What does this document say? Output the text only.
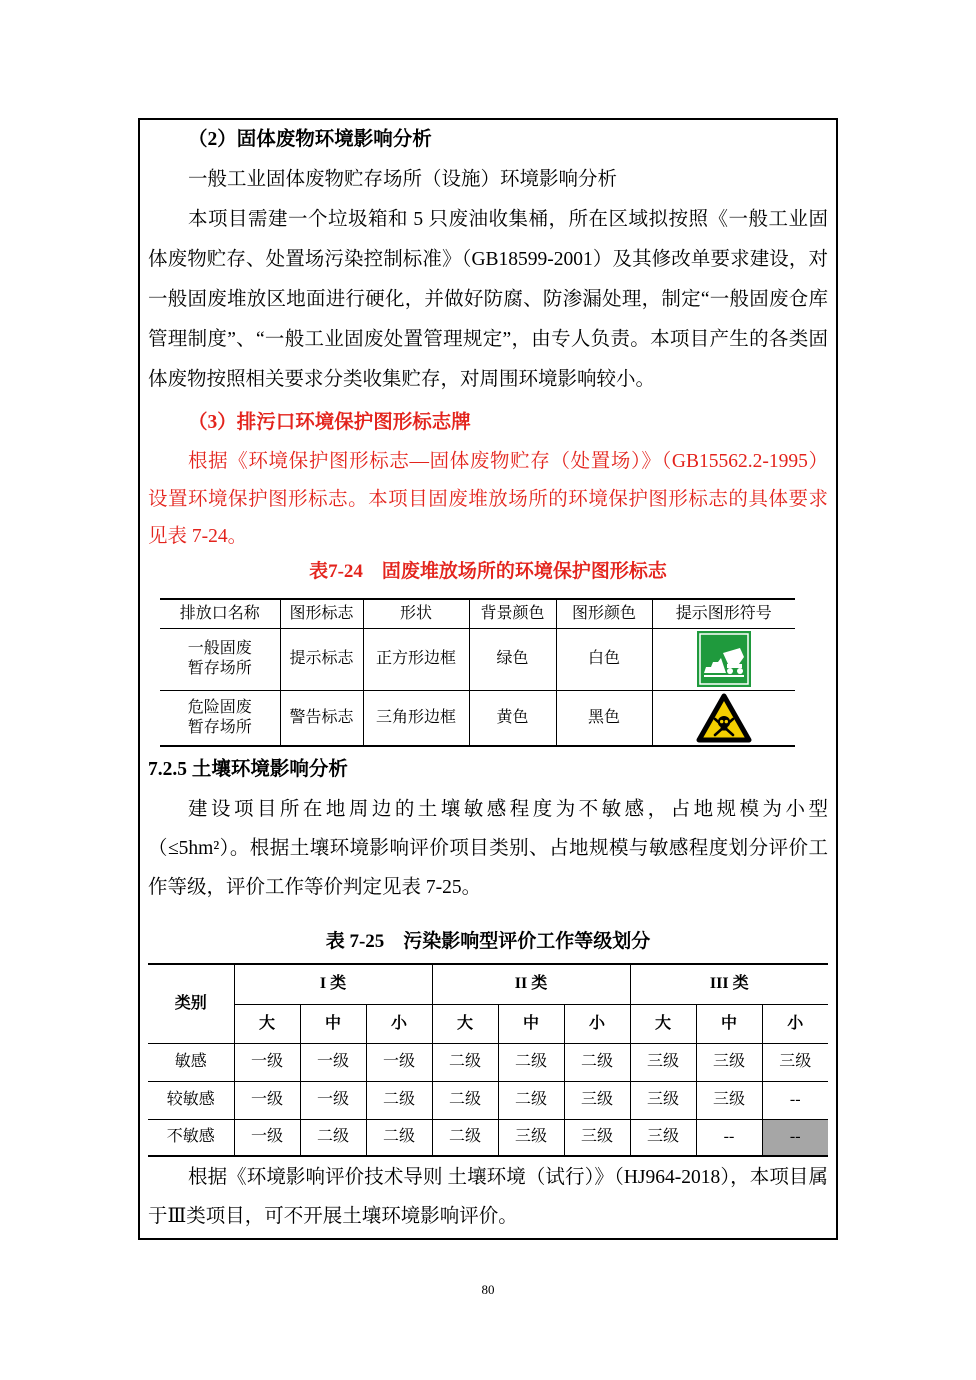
（2）固体废物环境影响分析

一般工业固体废物贮存场所（设施）环境影响分析

本项目需建一个垃圾箱和 5 只废油收集桶，所在区域拟按照《一般工业固体废物贮存、处置场污染控制标准》（GB18599-2001）及其修改单要求建设，对一般固废堆放区地面进行硬化，并做好防腐、防渗漏处理，制定“一般固废仓库管理制度”、“一般工业固废处置管理规定”，由专人负责。本项目产生的各类固体废物按照相关要求分类收集贮存，对周围环境影响较小。

（3）排污口环境保护图形标志牌

根据《环境保护图形标志—固体废物贮存（处置场）》（GB15562.2-1995）设置环境保护图形标志。本项目固废堆放场所的环境保护图形标志的具体要求见表 7-24。

表7-24　固废堆放场所的环境保护图形标志

排放口名称	图形标志	形状	背景颜色	图形颜色	提示图形符号

一般固废
暂存场所	提示标志	正方形边框	绿色	白色	

危险固废
暂存场所	警告标志	三角形边框	黄色	黑色	

7.2.5 土壤环境影响分析

建设项目所在地周边的土壤敏感程度为不敏感，占地规模为小型（≤5hm²）。根据土壤环境影响评价项目类别、占地规模与敏感程度划分评价工作等级，评价工作等价判定见表 7-25。

表 7-25　污染影响型评价工作等级划分

类别	I 类			II 类			III 类		
	大	中	小	大	中	小	大	中	小
敏感	一级	一级	一级	二级	二级	二级	三级	三级	三级
较敏感	一级	一级	二级	二级	二级	三级	三级	三级	--
不敏感	一级	二级	二级	二级	三级	三级	三级	--	--

根据《环境影响评价技术导则 土壤环境（试行）》（HJ964-2018），本项目属于Ⅲ类项目，可不开展土壤环境影响评价。

80
